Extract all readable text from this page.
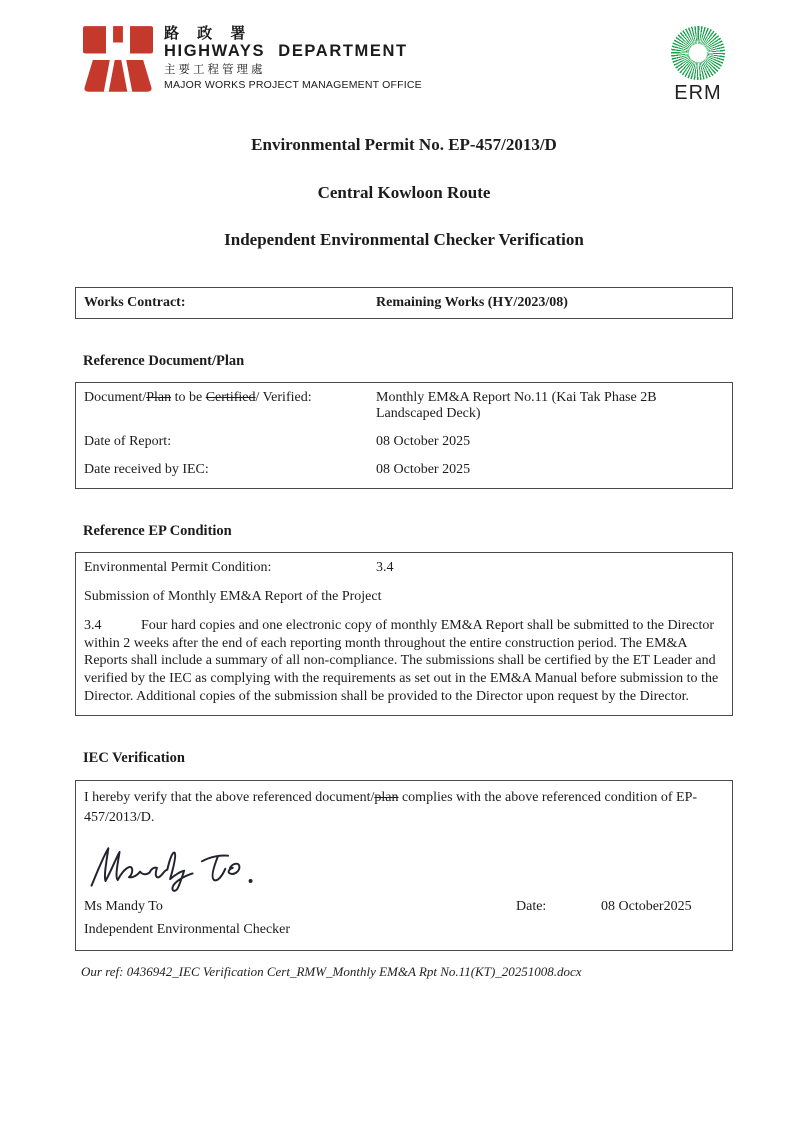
路 政 署
HIGHWAYS DEPARTMENT
主要工程管理處
MAJOR WORKS PROJECT MANAGEMENT OFFICE	ERM
Environmental Permit No. EP-457/2013/D
Central Kowloon Route
Independent Environmental Checker Verification
Works Contract:	Remaining Works (HY/2023/08)
Reference Document/Plan
Document/Plan to be Certified/ Verified:	Monthly EM&A Report No.11 (Kai Tak Phase 2B Landscaped Deck)
Date of Report:	08 October 2025
Date received by IEC:	08 October 2025
Reference EP Condition
Environmental Permit Condition:	3.4
Submission of Monthly EM&A Report of the Project
3.4	Four hard copies and one electronic copy of monthly EM&A Report shall be submitted to the Director within 2 weeks after the end of each reporting month throughout the entire construction period. The EM&A Reports shall include a summary of all non-compliance. The submissions shall be certified by the ET Leader and verified by the IEC as complying with the requirements as set out in the EM&A Manual before submission to the Director. Additional copies of the submission shall be provided to the Director upon request by the Director.
IEC Verification
I hereby verify that the above referenced document/plan complies with the above referenced condition of EP-457/2013/D.
Ms Mandy To	Date:	08 October2025
Independent Environmental Checker
Our ref: 0436942_IEC Verification Cert_RMW_Monthly EM&A Rpt No.11(KT)_20251008.docx
